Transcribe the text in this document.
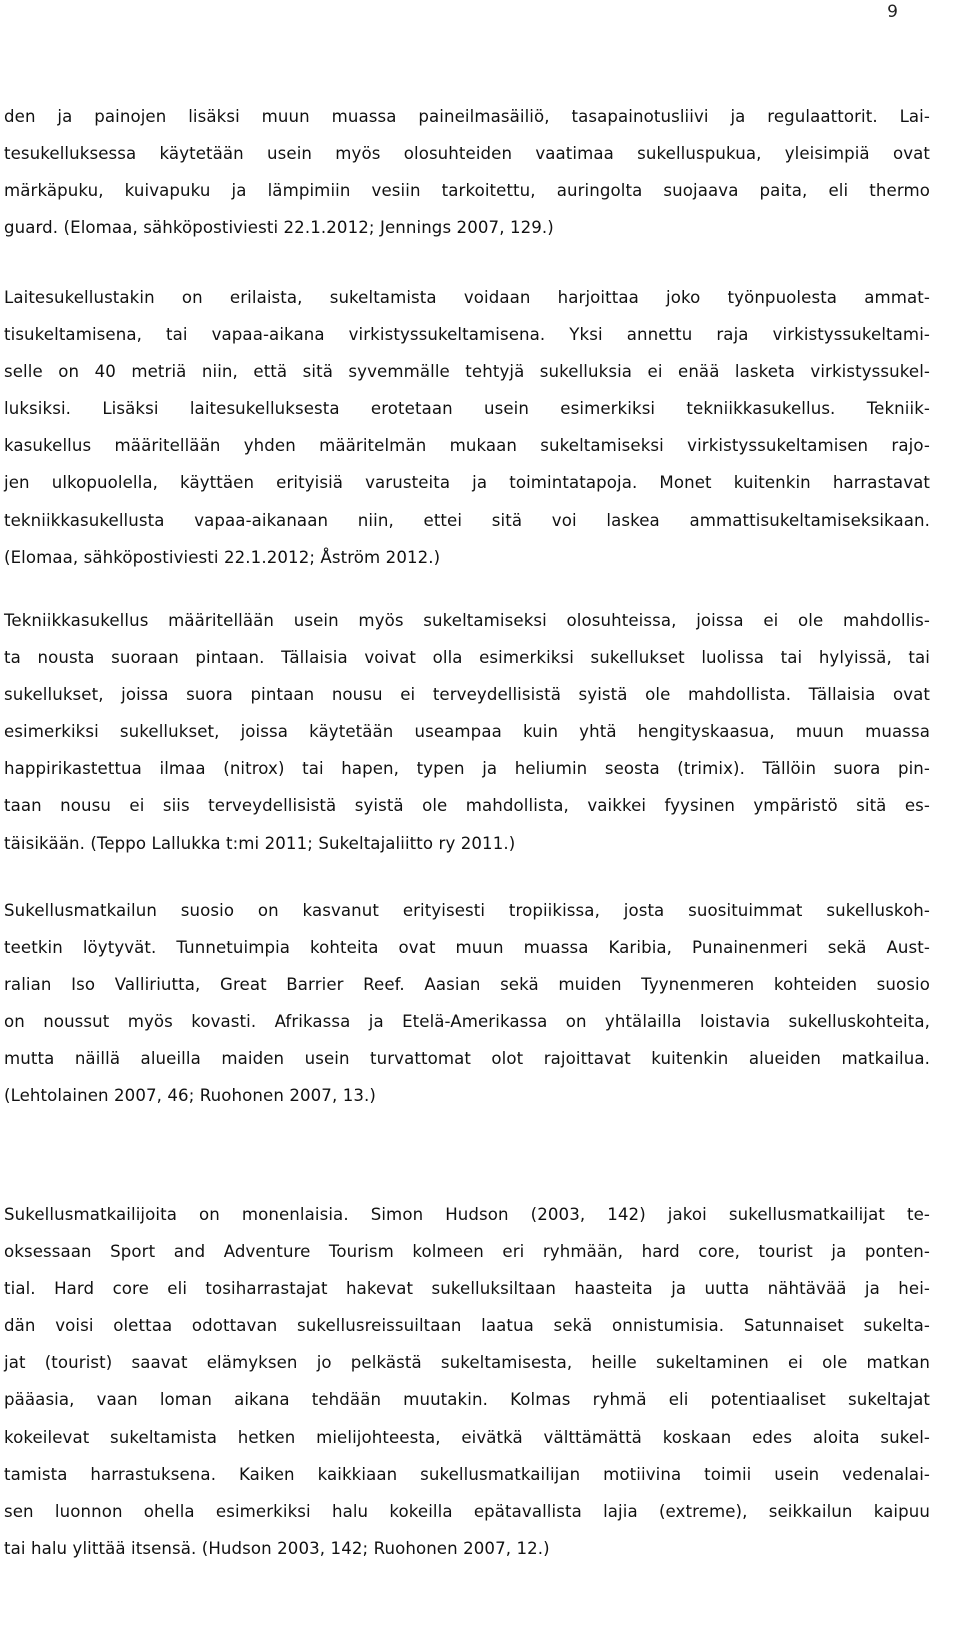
9
den ja painojen lisäksi muun muassa paineilmasäiliö, tasapainotusliivi ja regulaattorit. Lai-
tesukelluksessa käytetään usein myös olosuhteiden vaatimaa sukelluspukua, yleisimpiä ovat
märkäpuku, kuivapuku ja lämpimiin vesiin tarkoitettu, auringolta suojaava paita, eli thermo
guard. (Elomaa, sähköpostiviesti 22.1.2012; Jennings 2007, 129.)
Laitesukellustakin on erilaista, sukeltamista voidaan harjoittaa joko työnpuolesta ammat-
tisukeltamisena, tai vapaa-aikana virkistyssukeltamisena. Yksi annettu raja virkistyssukeltami-
selle on 40 metriä niin, että sitä syvemmälle tehtyjä sukelluksia ei enää lasketa virkistyssukel-
luksiksi. Lisäksi laitesukelluksesta erotetaan usein esimerkiksi tekniikkasukellus. Tekniik-
kasukellus määritellään yhden määritelmän mukaan sukeltamiseksi virkistyssukeltamisen rajo-
jen ulkopuolella, käyttäen erityisiä varusteita ja toimintatapoja. Monet kuitenkin harrastavat
tekniikkasukellusta vapaa-aikanaan niin, ettei sitä voi laskea ammattisukeltamiseksikaan.
(Elomaa, sähköpostiviesti 22.1.2012; Åström 2012.)
Tekniikkasukellus määritellään usein myös sukeltamiseksi olosuhteissa, joissa ei ole mahdollis-
ta nousta suoraan pintaan. Tällaisia voivat olla esimerkiksi sukellukset luolissa tai hylyissä, tai
sukellukset, joissa suora pintaan nousu ei terveydellisistä syistä ole mahdollista. Tällaisia ovat
esimerkiksi sukellukset, joissa käytetään useampaa kuin yhtä hengityskaasua, muun muassa
happirikastettua ilmaa (nitrox) tai hapen, typen ja heliumin seosta (trimix). Tällöin suora pin-
taan nousu ei siis terveydellisistä syistä ole mahdollista, vaikkei fyysinen ympäristö sitä es-
täisikään. (Teppo Lallukka t:mi 2011; Sukeltajaliitto ry 2011.)
Sukellusmatkailun suosio on kasvanut erityisesti tropiikissa, josta suosituimmat sukelluskoh-
teetkin löytyvät. Tunnetuimpia kohteita ovat muun muassa Karibia, Punainenmeri sekä Aust-
ralian Iso Valliriutta, Great Barrier Reef. Aasian sekä muiden Tyynenmeren kohteiden suosio
on noussut myös kovasti. Afrikassa ja Etelä-Amerikassa on yhtälailla loistavia sukelluskohteita,
mutta näillä alueilla maiden usein turvattomat olot rajoittavat kuitenkin alueiden matkailua.
(Lehtolainen 2007, 46; Ruohonen 2007, 13.)
Sukellusmatkailijoita on monenlaisia. Simon Hudson (2003, 142) jakoi sukellusmatkailijat te-
oksessaan Sport and Adventure Tourism kolmeen eri ryhmään, hard core, tourist ja ponten-
tial. Hard core eli tosiharrastajat hakevat sukelluksiltaan haasteita ja uutta nähtävää ja hei-
dän voisi olettaa odottavan sukellusreissuiltaan laatua sekä onnistumisia. Satunnaiset sukelta-
jat (tourist) saavat elämyksen jo pelkästä sukeltamisesta, heille sukeltaminen ei ole matkan
pääasia, vaan loman aikana tehdään muutakin. Kolmas ryhmä eli potentiaaliset sukeltajat
kokeilevat sukeltamista hetken mielijohteesta, eivätkä välttämättä koskaan edes aloita sukel-
tamista harrastuksena. Kaiken kaikkiaan sukellusmatkailijan motiivina toimii usein vedenalai-
sen luonnon ohella esimerkiksi halu kokeilla epätavallista lajia (extreme), seikkailun kaipuu
tai halu ylittää itsensä. (Hudson 2003, 142; Ruohonen 2007, 12.)
